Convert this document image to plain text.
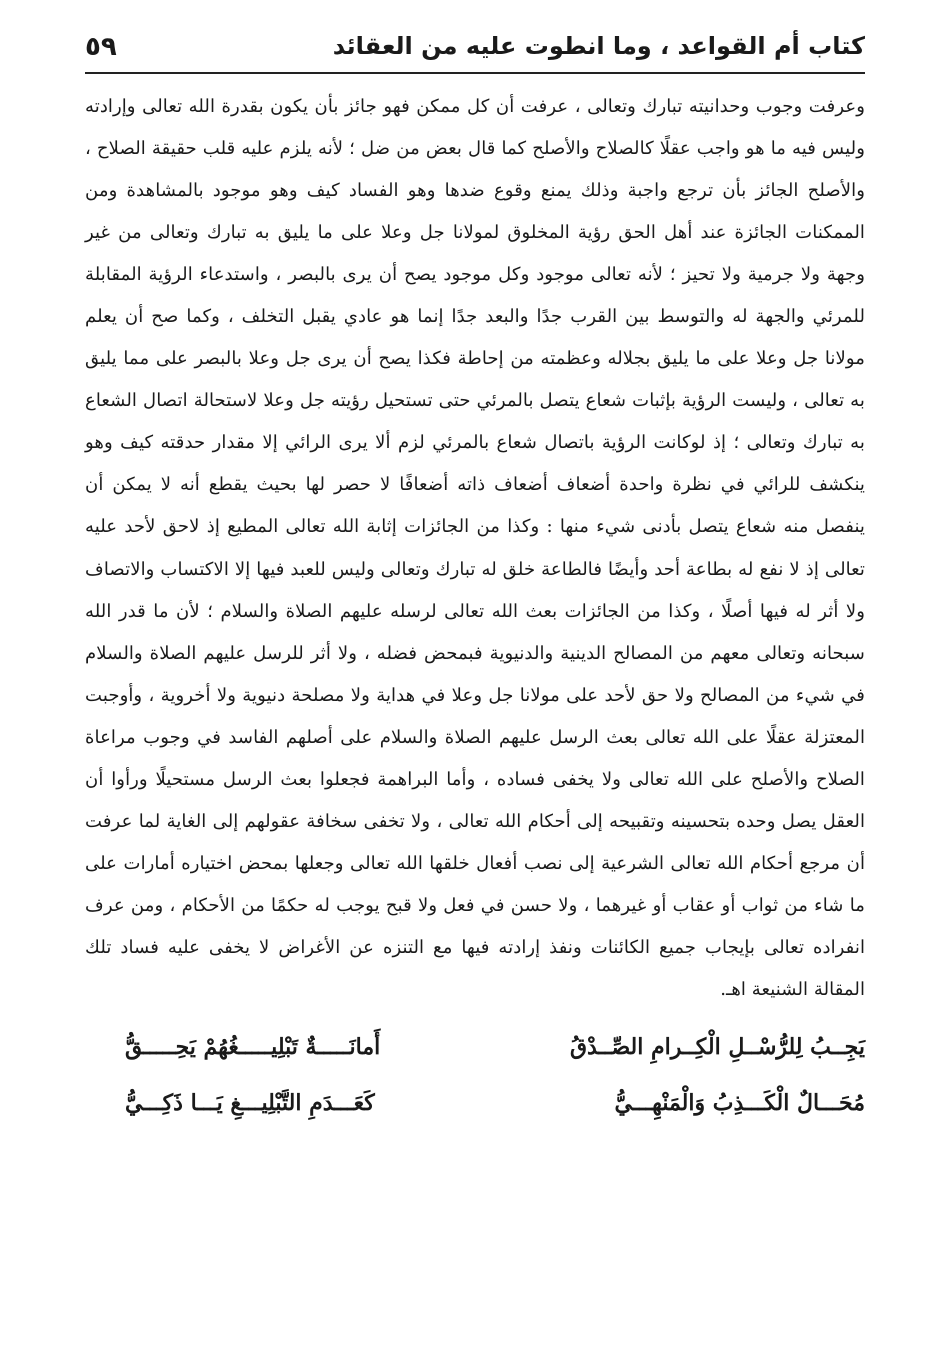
كتاب أم القواعد ، وما انطوت عليه من العقائد
٥٩

وعرفت وجوب وحدانيته تبارك وتعالى ، عرفت أن كل ممكن فهو جائز بأن يكون بقدرة الله تعالى وإرادته وليس فيه ما هو واجب عقلًا كالصلاح والأصلح كما قال بعض من ضل ؛ لأنه يلزم عليه قلب حقيقة الصلاح ، والأصلح الجائز بأن ترجع واجبة وذلك يمنع وقوع ضدها وهو الفساد كيف وهو موجود بالمشاهدة ومن الممكنات الجائزة عند أهل الحق رؤية المخلوق لمولانا جل وعلا على ما يليق به تبارك وتعالى من غير وجهة ولا جرمية ولا تحيز ؛ لأنه تعالى موجود وكل موجود يصح أن يرى بالبصر ، واستدعاء الرؤية المقابلة للمرئي والجهة له والتوسط بين القرب جدًا والبعد جدًا إنما هو عادي يقبل التخلف ، وكما صح أن يعلم مولانا جل وعلا على ما يليق بجلاله وعظمته من إحاطة فكذا يصح أن يرى جل وعلا بالبصر على مما يليق به تعالى ، وليست الرؤية بإثبات شعاع يتصل بالمرئي حتى تستحيل رؤيته جل وعلا لاستحالة اتصال الشعاع به تبارك وتعالى ؛ إذ لوكانت الرؤية باتصال شعاع بالمرئي لزم ألا يرى الرائي إلا مقدار حدقته كيف وهو ينكشف للرائي في نظرة واحدة أضعاف أضعاف ذاته أضعافًا لا حصر لها بحيث يقطع أنه لا يمكن أن ينفصل منه شعاع يتصل بأدنى شيء منها : وكذا من الجائزات إثابة الله تعالى المطيع إذ لاحق لأحد عليه تعالى إذ لا نفع له بطاعة أحد وأيضًا فالطاعة خلق له تبارك وتعالى وليس للعبد فيها إلا الاكتساب والاتصاف ولا أثر له فيها أصلًا ، وكذا من الجائزات بعث الله تعالى لرسله عليهم الصلاة والسلام ؛ لأن ما قدر الله سبحانه وتعالى معهم من المصالح الدينية والدنيوية فبمحض فضله ، ولا أثر للرسل عليهم الصلاة والسلام في شيء من المصالح ولا حق لأحد على مولانا جل وعلا في هداية ولا مصلحة دنيوية ولا أخروية ، وأوجبت المعتزلة عقلًا على الله تعالى بعث الرسل عليهم الصلاة والسلام على أصلهم الفاسد في وجوب مراعاة الصلاح والأصلح على الله تعالى ولا يخفى فساده ، وأما البراهمة فجعلوا بعث الرسل مستحيلًا ورأوا أن العقل يصل وحده بتحسينه وتقبيحه إلى أحكام الله تعالى ، ولا تخفى سخافة عقولهم إلى الغاية لما عرفت أن مرجع أحكام الله تعالى الشرعية إلى نصب أفعال خلقها الله تعالى وجعلها بمحض اختياره أمارات على ما شاء من ثواب أو عقاب أو غيرهما ، ولا حسن في فعل ولا قبح يوجب له حكمًا من الأحكام ، ومن عرف انفراده تعالى بإيجاب جميع الكائنات ونفذ إرادته فيها مع التنزه عن الأغراض لا يخفى عليه فساد تلك المقالة الشنيعة اهـ.

يَجِــبُ لِلرُّسْــلِ الْكِــرامِ الصِّــدْقُ
أَمانَـــــةٌ تَبْلِيـــــغُهُمْ يَحِـــــقُّ
مُحَـــالٌ الْكَـــذِبُ وَالْمَنْهِـــيُّ
كَعَـــدَمِ التَّبْلِيـــغِ يَـــا ذَكِـــيُّ
